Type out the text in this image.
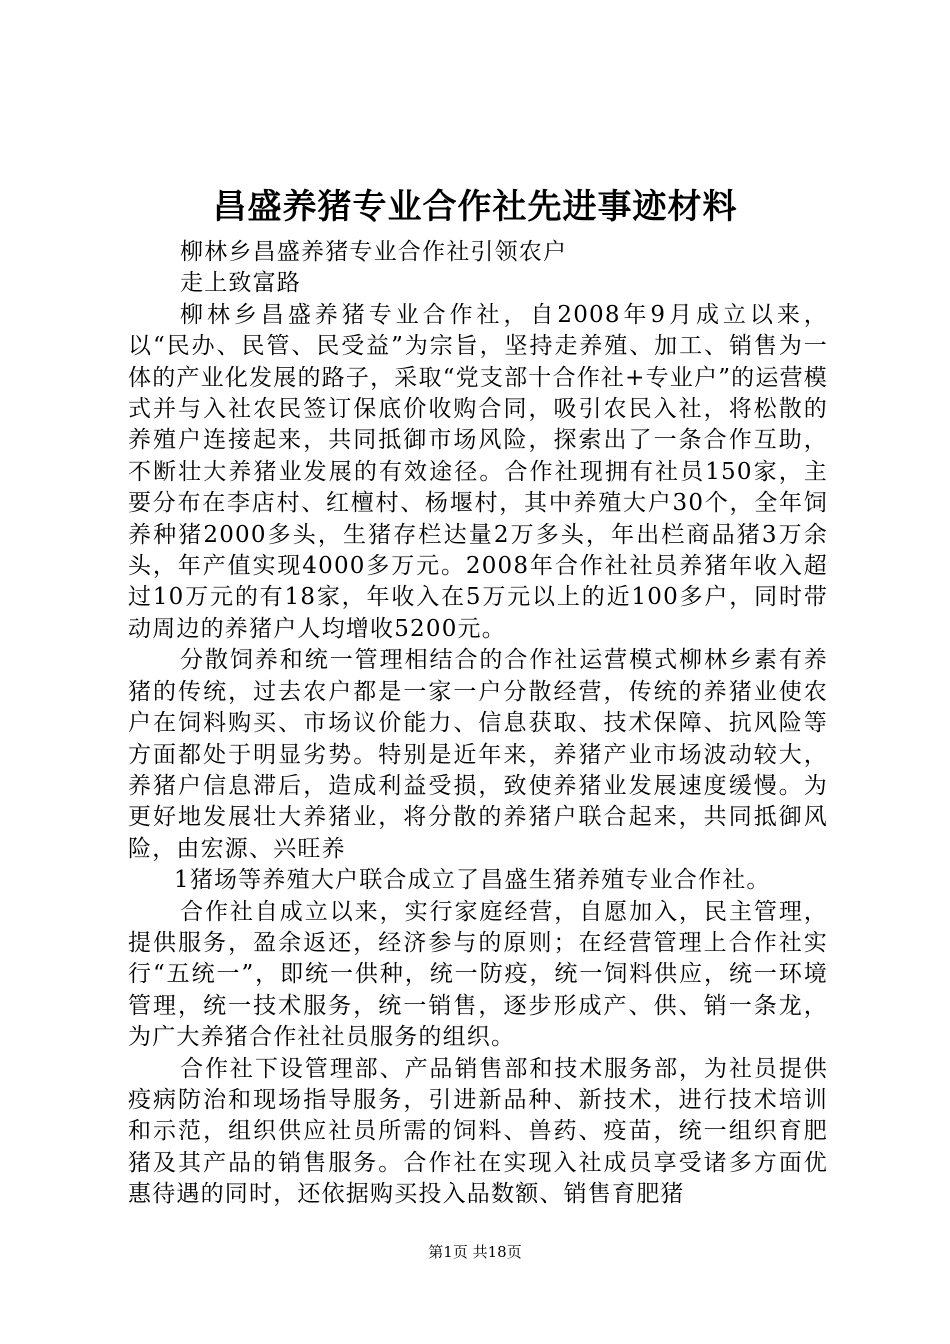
昌盛养猪专业合作社先进事迹材料

柳林乡昌盛养猪专业合作社引领农户

走上致富路

柳林乡昌盛养猪专业合作社，自2008年9月成立以来，以“民办、民管、民受益”为宗旨，坚持走养殖、加工、销售为一体的产业化发展的路子，采取“党支部十合作社+专业户”的运营模式并与入社农民签订保底价收购合同，吸引农民入社，将松散的养殖户连接起来，共同抵御市场风险，探索出了一条合作互助，不断壮大养猪业发展的有效途径。合作社现拥有社员150家，主要分布在李店村、红檀村、杨堰村，其中养殖大户30个，全年饲养种猪2000多头，生猪存栏达量2万多头，年出栏商品猪3万余头，年产值实现4000多万元。2008年合作社社员养猪年收入超过10万元的有18家，年收入在5万元以上的近100多户，同时带动周边的养猪户人均增收5200元。

分散饲养和统一管理相结合的合作社运营模式柳林乡素有养猪的传统，过去农户都是一家一户分散经营，传统的养猪业使农户在饲料购买、市场议价能力、信息获取、技术保障、抗风险等方面都处于明显劣势。特别是近年来，养猪产业市场波动较大，养猪户信息滞后，造成利益受损，致使养猪业发展速度缓慢。为更好地发展壮大养猪业，将分散的养猪户联合起来，共同抵御风险，由宏源、兴旺养

1猪场等养殖大户联合成立了昌盛生猪养殖专业合作社。

合作社自成立以来，实行家庭经营，自愿加入，民主管理，提供服务，盈余返还，经济参与的原则；在经营管理上合作社实行“五统一”，即统一供种，统一防疫，统一饲料供应，统一环境管理，统一技术服务，统一销售，逐步形成产、供、销一条龙，为广大养猪合作社社员服务的组织。

合作社下设管理部、产品销售部和技术服务部，为社员提供疫病防治和现场指导服务，引进新品种、新技术，进行技术培训和示范，组织供应社员所需的饲料、兽药、疫苗，统一组织育肥猪及其产品的销售服务。合作社在实现入社成员享受诸多方面优惠待遇的同时，还依据购买投入品数额、销售育肥猪

第1页 共18页
